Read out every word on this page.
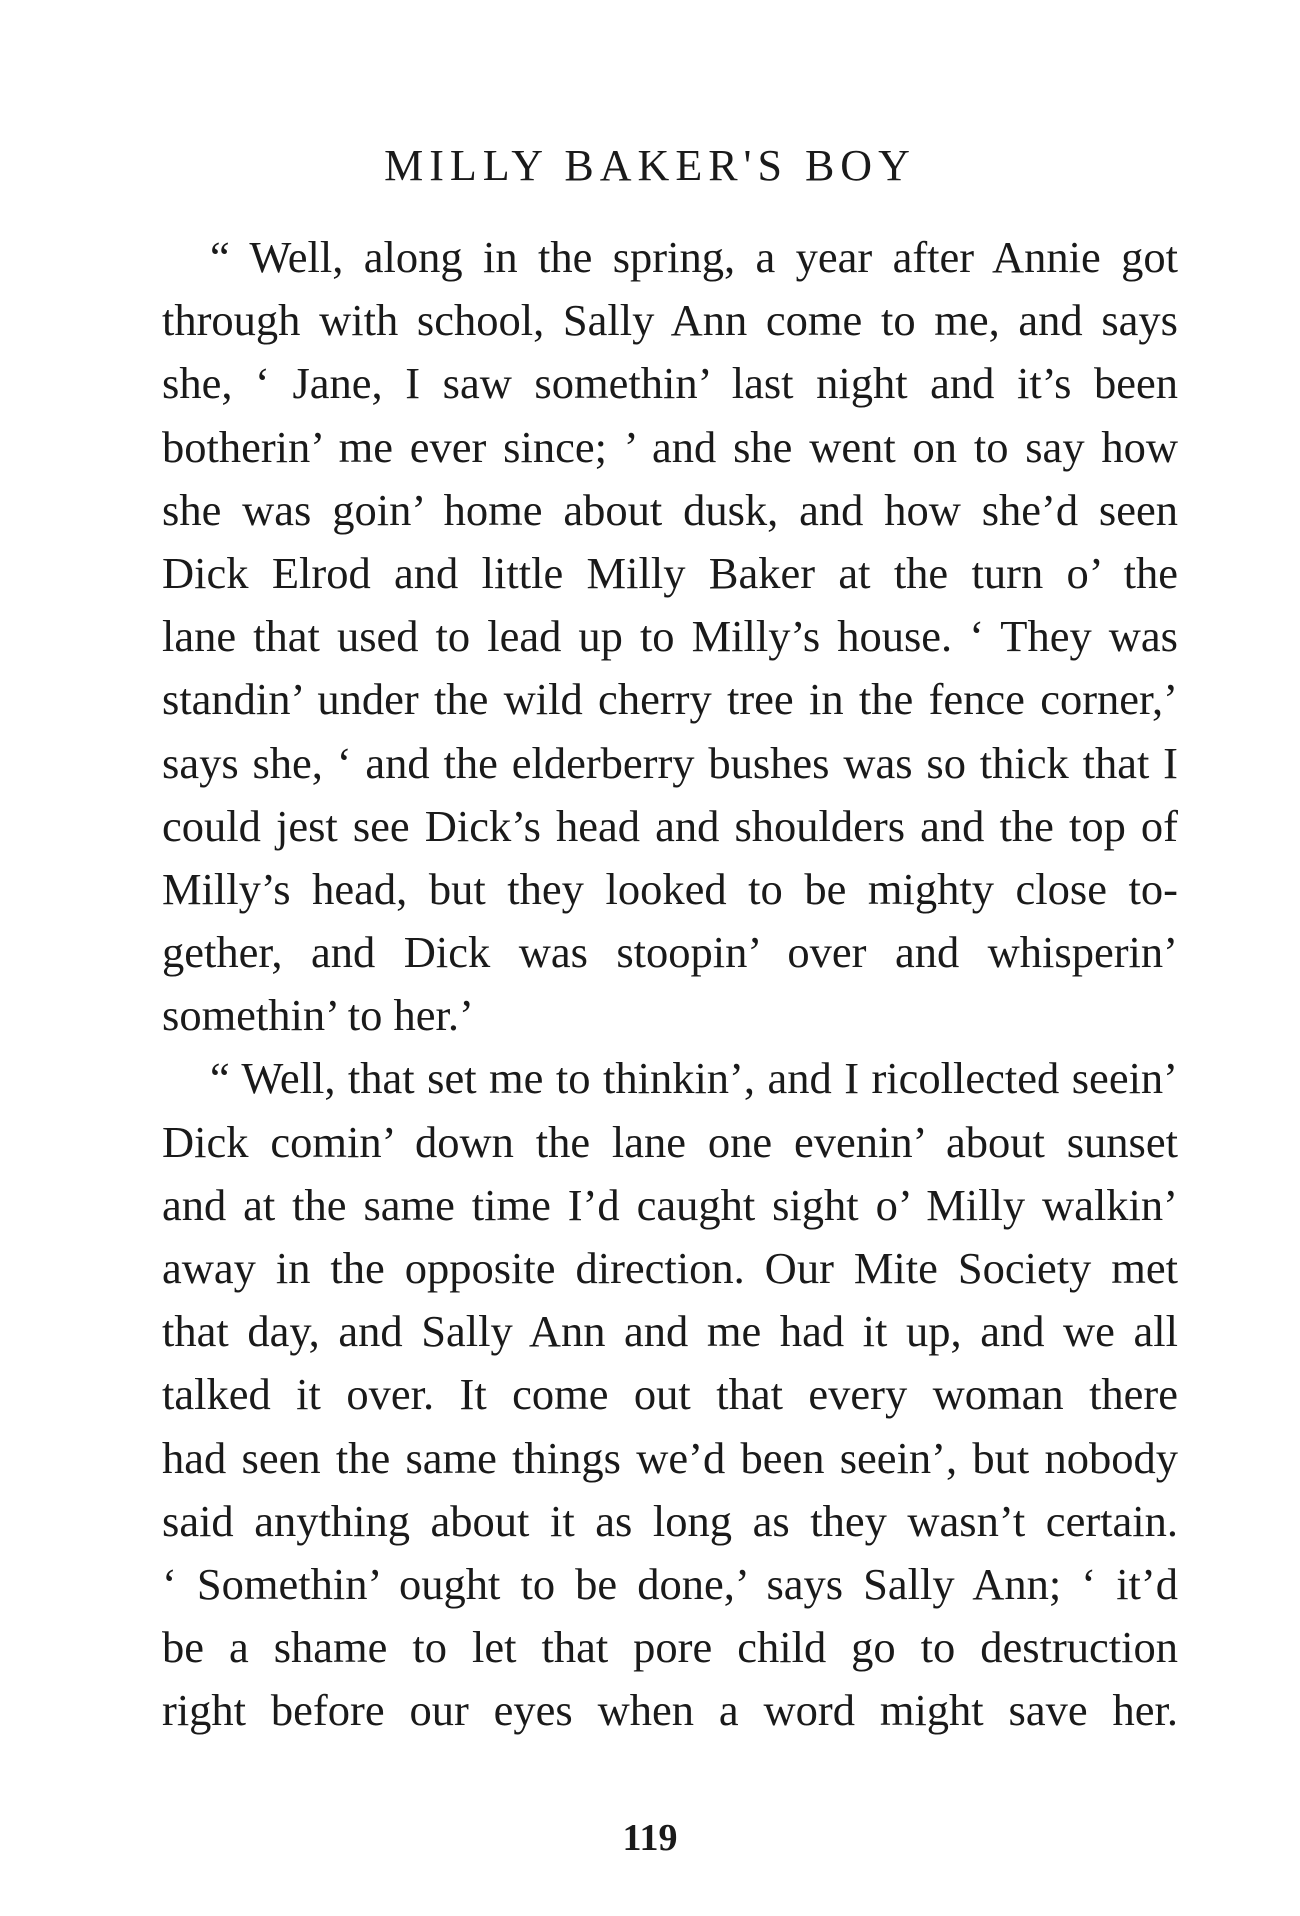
MILLY BAKER'S BOY
“ Well, along in the spring, a year after Annie got
through with school, Sally Ann come to me, and says
she, ‘ Jane, I saw somethin’ last night and it’s been
botherin’ me ever since; ’ and she went on to say how
she was goin’ home about dusk, and how she’d seen
Dick Elrod and little Milly Baker at the turn o’ the
lane that used to lead up to Milly’s house. ‘ They was
standin’ under the wild cherry tree in the fence corner,’
says she, ‘ and the elderberry bushes was so thick that I
could jest see Dick’s head and shoulders and the top of
Milly’s head, but they looked to be mighty close to-
gether, and Dick was stoopin’ over and whisperin’
somethin’ to her.’
“ Well, that set me to thinkin’, and I ricollected seein’
Dick comin’ down the lane one evenin’ about sunset
and at the same time I’d caught sight o’ Milly walkin’
away in the opposite direction. Our Mite Society met
that day, and Sally Ann and me had it up, and we all
talked it over. It come out that every woman there
had seen the same things we’d been seein’, but nobody
said anything about it as long as they wasn’t certain.
‘ Somethin’ ought to be done,’ says Sally Ann; ‘ it’d
be a shame to let that pore child go to destruction
right before our eyes when a word might save her.
119
